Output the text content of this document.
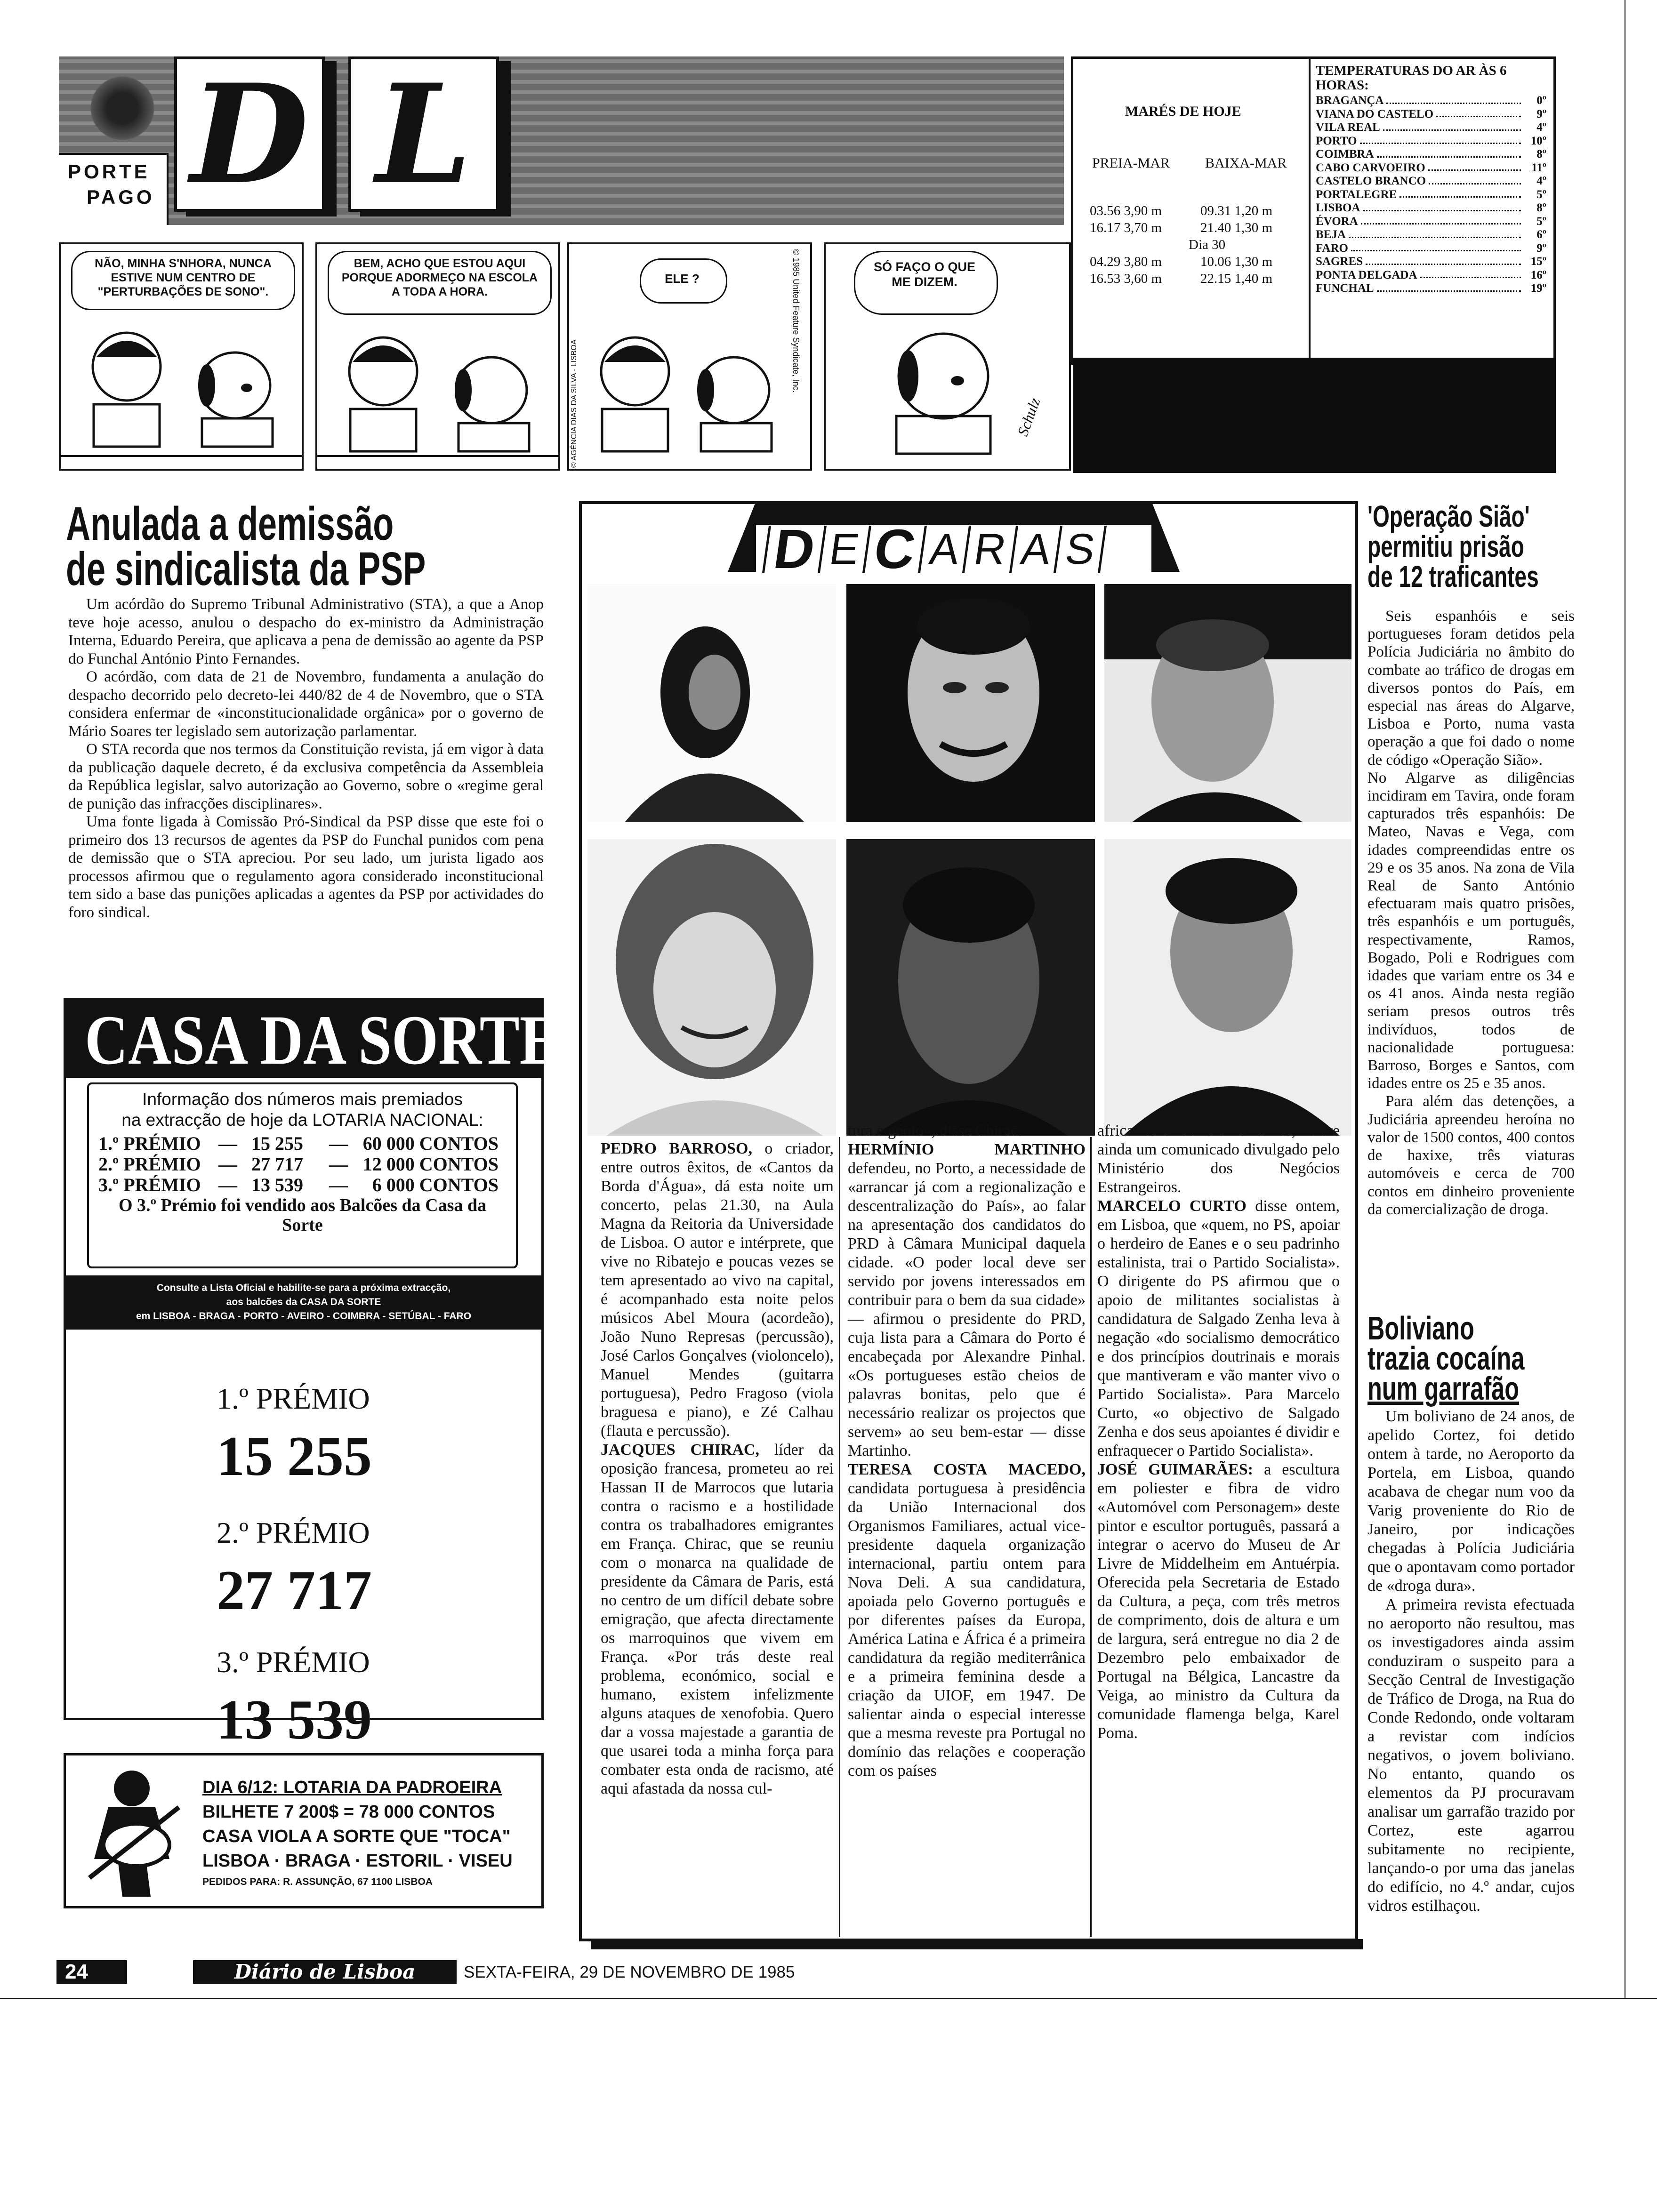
PORTE
PAGO D L
NÃO, MINHA S'NHORA, NUNCA ESTIVE NUM CENTRO DE "PERTURBAÇÕES DE SONO".
BEM, ACHO QUE ESTOU AQUI PORQUE ADORMEÇO NA ESCOLA A TODA A HORA.
ELE ?	© 1985 United Feature Syndicate, Inc.
© AGÊNCIA DIAS DA SILVA - LISBOA
SÓ FAÇO O QUE ME DIZEM.
Schulz
MARÉS DE HOJE
PREIA-MAR BAIXA-MAR
03.56 3,90 m	09.31 1,20 m
16.17 3,70 m	21.40 1,30 m
Dia 30
04.29 3,80 m	10.06 1,30 m
16.53 3,60 m	22.15 1,40 m
TEMPERATURAS DO AR ÀS 6 HORAS:
BRAGANÇA	0º
VIANA DO CASTELO	9º
VILA REAL	4º
PORTO	10º
COIMBRA	8º
CABO CARVOEIRO	11º
CASTELO BRANCO	4º
PORTALEGRE	5º
LISBOA	8º
ÉVORA	5º
BEJA	6º
FARO	9º
SAGRES	15º
PONTA DELGADA	16º
FUNCHAL	19º
Anulada a demissão
de sindicalista da PSP

Um acórdão do Supremo Tribunal Administrativo (STA), a que a Anop teve hoje acesso, anulou o despacho do ex-ministro da Administração Interna, Eduardo Pereira, que aplicava a pena de demissão ao agente da PSP do Funchal António Pinto Fernandes.

O acórdão, com data de 21 de Novembro, fundamenta a anulação do despacho decorrido pelo decreto-lei 440/82 de 4 de Novembro, que o STA considera enfermar de «inconstitucionalidade orgânica» por o governo de Mário Soares ter legislado sem autorização parlamentar.

O STA recorda que nos termos da Constituição revista, já em vigor à data da publicação daquele decreto, é da exclusiva competência da Assembleia da República legislar, salvo autorização ao Governo, sobre o «regime geral de punição das infracções disciplinares».

Uma fonte ligada à Comissão Pró-Sindical da PSP disse que este foi o primeiro dos 13 recursos de agentes da PSP do Funchal punidos com pena de demissão que o STA apreciou. Por seu lado, um jurista ligado aos processos afirmou que o regulamento agora considerado inconstitucional tem sido a base das punições aplicadas a agentes da PSP por actividades do foro sindical.

CASA DA SORTE
Informação dos números mais premiados
na extracção de hoje da LOTARIA NACIONAL:
1.º PRÉMIO — 15 255	— 60 000 CONTOS
2.º PRÉMIO — 27 717	— 12 000 CONTOS
3.º PRÉMIO — 13 539	—	6 000 CONTOS
O 3.º Prémio foi vendido aos Balcões da Casa da Sorte
Consulte a Lista Oficial e habilite-se para a próxima extracção,
aos balcões da CASA DA SORTE
em LISBOA - BRAGA - PORTO - AVEIRO - COIMBRA - SETÚBAL - FARO
1.º PRÉMIO
15 255
2.º PRÉMIO
27 717
3.º PRÉMIO
13 539
DIA 6/12: LOTARIA DA PADROEIRA
BILHETE 7 200$ = 78 000 CONTOS
CASA VIOLA A SORTE QUE "TOCA"
LISBOA · BRAGA · ESTORIL · VISEU
PEDIDOS PARA: R. ASSUNÇÃO, 67 1100 LISBOA
D E C A R A S

PEDRO BARROSO, o criador, entre outros êxitos, de «Cantos da Borda d'Água», dá esta noite um concerto, pelas 21.30, na Aula Magna da Reitoria da Universidade de Lisboa. O autor e intérprete, que vive no Ribatejo e poucas vezes se tem apresentado ao vivo na capital, é acompanhado esta noite pelos músicos Abel Moura (acordeão), João Nuno Represas (percussão), José Carlos Gonçalves (violoncelo), Manuel Mendes (guitarra portuguesa), Pedro Fragoso (viola braguesa e piano), e Zé Calhau (flauta e percussão).
JACQUES CHIRAC, líder da oposição francesa, prometeu ao rei Hassan II de Marrocos que lutaria contra o racismo e a hostilidade contra os trabalhadores emigrantes em França. Chirac, que se reuniu com o monarca na qualidade de presidente da Câmara de Paris, está no centro de um difícil debate sobre emigração, que afecta directamente os marroquinos que vivem em França. «Por trás deste real problema, económico, social e humano, existem infelizmente alguns ataques de xenofobia. Quero dar a vossa majestade a garantia de que usarei toda a minha força para combater esta onda de racismo, até aqui afastada da nossa cul-

tura e génio», disse Chirac.
HERMÍNIO MARTINHO defendeu, no Porto, a necessidade de «arrancar já com a regionalização e descentralização do País», ao falar na apresentação dos candidatos do PRD à Câmara Municipal daquela cidade. «O poder local deve ser servido por jovens interessados em contribuir para o bem da sua cidade» — afirmou o presidente do PRD, cuja lista para a Câmara do Porto é encabeçada por Alexandre Pinhal. «Os portugueses estão cheios de palavras bonitas, pelo que é necessário realizar os projectos que servem» ao seu bem-estar — disse Martinho.
TERESA COSTA MACEDO, candidata portuguesa à presidência da União Internacional dos Organismos Familiares, actual vice-presidente daquela organização internacional, partiu ontem para Nova Deli. A sua candidatura, apoiada pelo Governo português e por diferentes países da Europa, América Latina e África é a primeira candidatura da região mediterrânica e a primeira feminina desde a criação da UIOF, em 1947. De salientar ainda o especial interesse que a mesma reveste pra Portugal no domínio das relações e cooperação com os países

africanos e latino-americanos, refere ainda um comunicado divulgado pelo Ministério dos Negócios Estrangeiros.
MARCELO CURTO disse ontem, em Lisboa, que «quem, no PS, apoiar o herdeiro de Eanes e o seu padrinho estalinista, trai o Partido Socialista». O dirigente do PS afirmou que o apoio de militantes socialistas à candidatura de Salgado Zenha leva à negação «do socialismo democrático e dos princípios doutrinais e morais que mantiveram e vão manter vivo o Partido Socialista». Para Marcelo Curto, «o objectivo de Salgado Zenha e dos seus apoiantes é dividir e enfraquecer o Partido Socialista».
JOSÉ GUIMARÃES: a escultura em poliester e fibra de vidro «Automóvel com Personagem» deste pintor e escultor português, passará a integrar o acervo do Museu de Ar Livre de Middelheim em Antuérpia. Oferecida pela Secretaria de Estado da Cultura, a peça, com três metros de comprimento, dois de altura e um de largura, será entregue no dia 2 de Dezembro pelo embaixador de Portugal na Bélgica, Lancastre da Veiga, ao ministro da Cultura da comunidade flamenga belga, Karel Poma.

'Operação Sião'
permitiu prisão
de 12 traficantes

Seis espanhóis e seis portugueses foram detidos pela Polícia Judiciária no âmbito do combate ao tráfico de drogas em diversos pontos do País, em especial nas áreas do Algarve, Lisboa e Porto, numa vasta operação a que foi dado o nome de código «Operação Sião».

No Algarve as diligências incidiram em Tavira, onde foram capturados três espanhóis: De Mateo, Navas e Vega, com idades compreendidas entre os 29 e os 35 anos. Na zona de Vila Real de Santo António efectuaram mais quatro prisões, três espanhóis e um português, respectivamente, Ramos, Bogado, Poli e Rodrigues com idades que variam entre os 34 e os 41 anos. Ainda nesta região seriam presos outros três indivíduos, todos de nacionalidade portuguesa: Barroso, Borges e Santos, com idades entre os 25 e 35 anos.

Para além das detenções, a Judiciária apreendeu heroína no valor de 1500 contos, 400 contos de haxixe, três viaturas automóveis e cerca de 700 contos em dinheiro proveniente da comercialização de droga.

Boliviano
trazia cocaína
num garrafão

Um boliviano de 24 anos, de apelido Cortez, foi detido ontem à tarde, no Aeroporto da Portela, em Lisboa, quando acabava de chegar num voo da Varig proveniente do Rio de Janeiro, por indicações chegadas à Polícia Judiciária que o apontavam como portador de «droga dura».

A primeira revista efectuada no aeroporto não resultou, mas os investigadores ainda assim conduziram o suspeito para a Secção Central de Investigação de Tráfico de Droga, na Rua do Conde Redondo, onde voltaram a revistar com indícios negativos, o jovem boliviano. No entanto, quando os elementos da PJ procuravam analisar um garrafão trazido por Cortez, este agarrou subitamente no recipiente, lançando-o por uma das janelas do edifício, no 4.º andar, cujos vidros estilhaçou.

24	Diário de Lisboa	SEXTA-FEIRA, 29 DE NOVEMBRO DE 1985
